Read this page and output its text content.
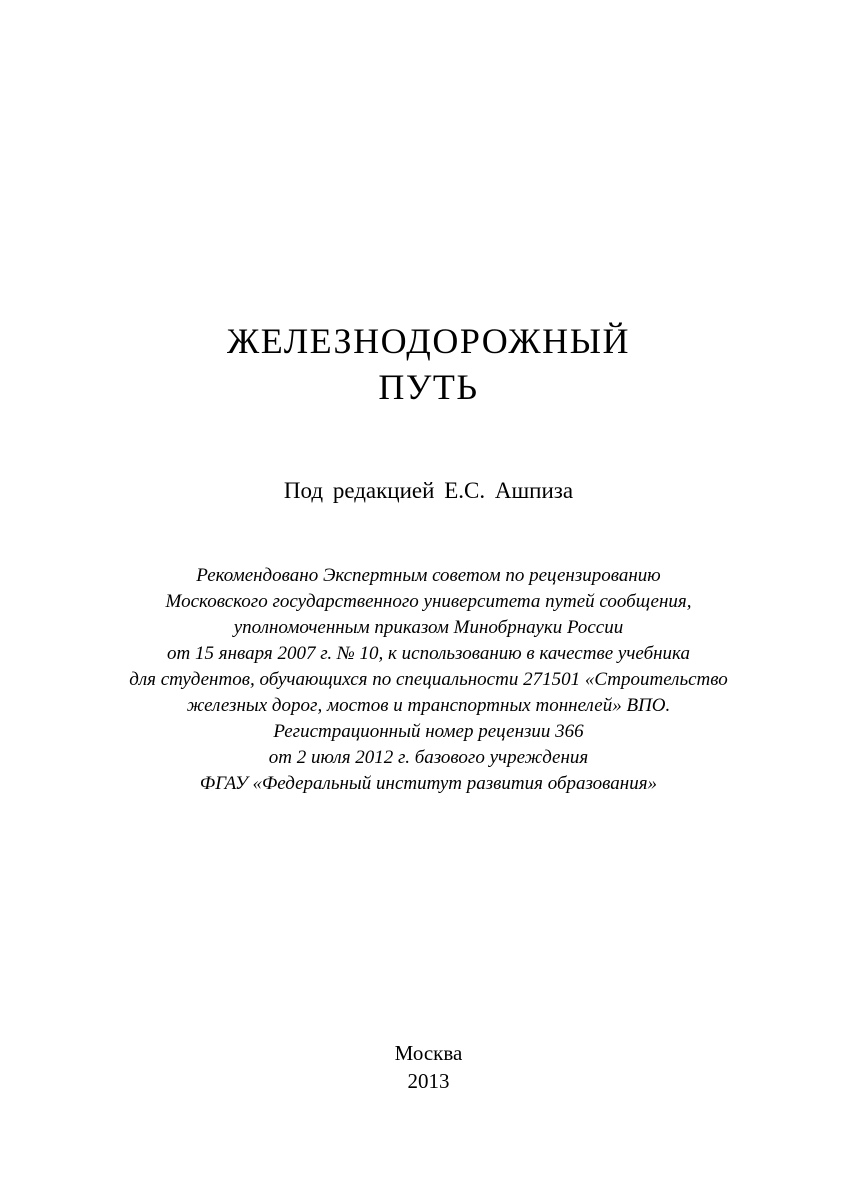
ЖЕЛЕЗНОДОРОЖНЫЙ
ПУТЬ
Под редакцией Е.С. Ашпиза
Рекомендовано Экспертным советом по рецензированию
Московского государственного университета путей сообщения,
уполномоченным приказом Минобрнауки России
от 15 января 2007 г. № 10, к использованию в качестве учебника
для студентов, обучающихся по специальности 271501 «Строительство
железных дорог, мостов и транспортных тоннелей» ВПО.
Регистрационный номер рецензии 366
от 2 июля 2012 г. базового учреждения
ФГАУ «Федеральный институт развития образования»
Москва
2013
